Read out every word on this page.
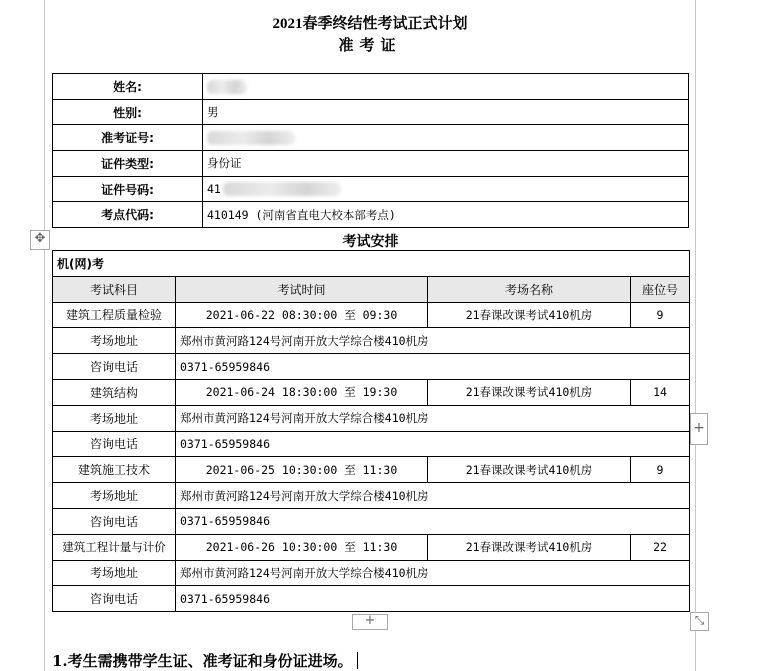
2021春季终结性考试正式计划
准考证
姓名:	
性别:	男
准考证号:	
证件类型:	身份证
证件号码:	41
考点代码:	410149 (河南省直电大校本部考点)
✥	考试安排
机(网)考			
考试科目	考试时间	考场名称	座位号
建筑工程质量检验	2021-06-22 08:30:00 至 09:30	21春课改课考试410机房	9
考场地址	郑州市黄河路124号河南开放大学综合楼410机房		
咨询电话	0371-65959846		
建筑结构	2021-06-24 18:30:00 至 19:30	21春课改课考试410机房	14
考场地址	郑州市黄河路124号河南开放大学综合楼410机房		
咨询电话	0371-65959846		
建筑施工技术	2021-06-25 10:30:00 至 11:30	21春课改课考试410机房	9
考场地址	郑州市黄河路124号河南开放大学综合楼410机房		
咨询电话	0371-65959846		
建筑工程计量与计价	2021-06-26 10:30:00 至 11:30	21春课改课考试410机房	22
考场地址	郑州市黄河路124号河南开放大学综合楼410机房		
咨询电话	0371-65959846		
+
+	⤡
1.考生需携带学生证、准考证和身份证进场。
